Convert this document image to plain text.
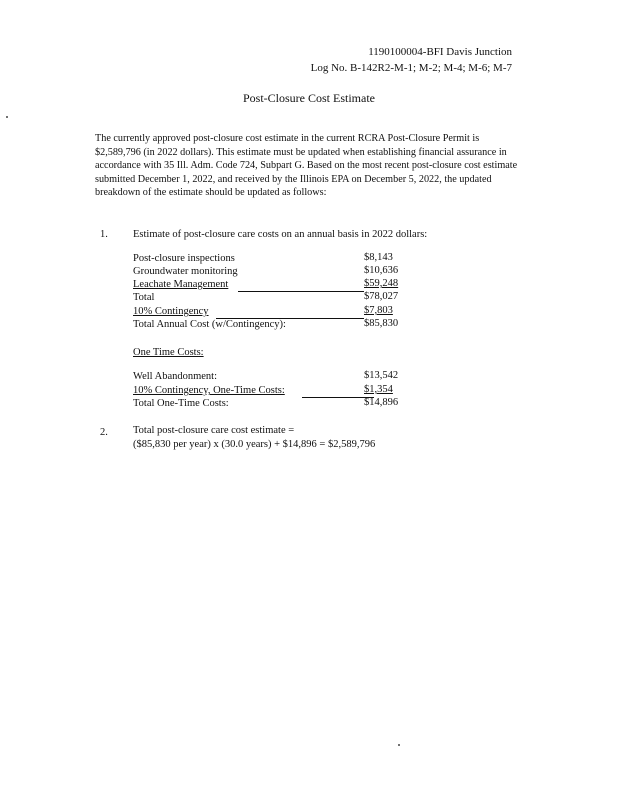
1190100004-BFI Davis Junction
Log No. B-142R2-M-1; M-2; M-4; M-6; M-7
Post-Closure Cost Estimate
The currently approved post-closure cost estimate in the current RCRA Post-Closure Permit is $2,589,796 (in 2022 dollars). This estimate must be updated when establishing financial assurance in accordance with 35 Ill. Adm. Code 724, Subpart G. Based on the most recent post-closure cost estimate submitted December 1, 2022, and received by the Illinois EPA on December 5, 2022, the updated breakdown of the estimate should be updated as follows:
1. Estimate of post-closure care costs on an annual basis in 2022 dollars:
Post-closure inspections	$8,143
Groundwater monitoring	$10,636
Leachate Management	$59,248
Total	$78,027
10% Contingency	$7,803
Total Annual Cost (w/Contingency):	$85,830
One Time Costs:
Well Abandonment:	$13,542
10% Contingency, One-Time Costs:	$1,354
Total One-Time Costs:	$14,896
2. Total post-closure care cost estimate =
($85,830 per year) x (30.0 years) + $14,896 = $2,589,796
